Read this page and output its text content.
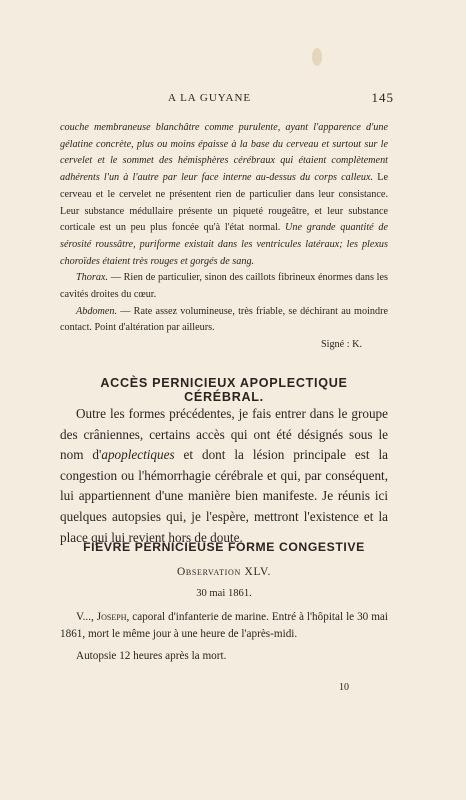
A LA GUYANE	145

couche membraneuse blanchâtre comme purulente, ayant l'apparence d'une gélatine concrète, plus ou moins épaisse à la base du cerveau et surtout sur le cervelet et le sommet des hémisphères cérébraux qui étaient complètement adhérents l'un à l'autre par leur face interne au-dessus du corps calleux. Le cerveau et le cervelet ne présentent rien de particulier dans leur consistance. Leur substance médullaire présente un piqueté rougeâtre, et leur substance corticale est un peu plus foncée qu'à l'état normal. Une grande quantité de sérosité roussâtre, puriforme existait dans les ventricules latéraux; les plexus choroïdes étaient très rouges et gorgés de sang.

Thorax. — Rien de particulier, sinon des caillots fibrineux énormes dans les cavités droites du cœur.

Abdomen. — Rate assez volumineuse, très friable, se déchirant au moindre contact. Point d'altération par ailleurs.

Signé : K.

ACCÈS PERNICIEUX APOPLECTIQUE CÉRÉBRAL.

Outre les formes précédentes, je fais entrer dans le groupe des crâniennes, certains accès qui ont été désignés sous le nom d'apoplectiques et dont la lésion principale est la congestion ou l'hémorrhagie cérébrale et qui, par conséquent, lui appartiennent d'une manière bien manifeste. Je réunis ici quelques autopsies qui, je l'espère, mettront l'existence et la place qui lui revient hors de doute.

FIÈVRE PERNICIEUSE FORME CONGESTIVE
Observation XLV.
30 mai 1861.

V..., Joseph, caporal d'infanterie de marine. Entré à l'hôpital le 30 mai 1861, mort le même jour à une heure de l'après-midi.

Autopsie 12 heures après la mort.

10
